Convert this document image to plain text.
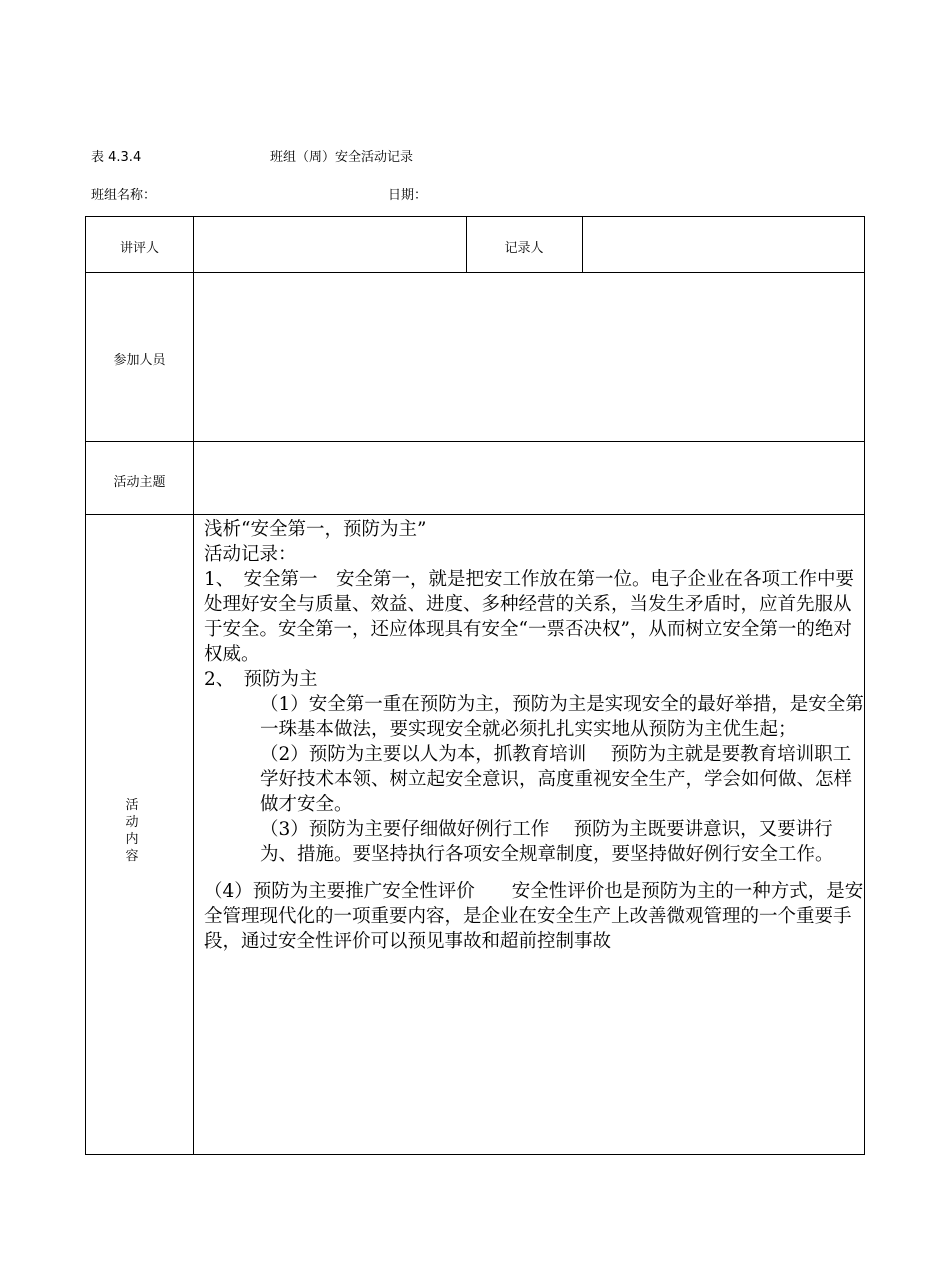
表 4.3.4	班组（周）安全活动记录
班组名称：	日期：
讲评人	记录人
参加人员
活动主题
活动内容

浅析“安全第一，预防为主”

活动记录：

1、　安全第一　安全第一，就是把安工作放在第一位。电子企业在各项工作中要处理好安全与质量、效益、进度、多种经营的关系，当发生矛盾时，应首先服从于安全。安全第一，还应体现具有安全“一票否决权”，从而树立安全第一的绝对权威。

2、　预防为主

（1）安全第一重在预防为主，预防为主是实现安全的最好举措，是安全第一珠基本做法，要实现安全就必须扎扎实实地从预防为主优生起；

（2）预防为主要以人为本，抓教育培训　 预防为主就是要教育培训职工学好技术本领、树立起安全意识，高度重视安全生产，学会如何做、怎样做才安全。

（3）预防为主要仔细做好例行工作　 预防为主既要讲意识，又要讲行为、措施。要坚持执行各项安全规章制度，要坚持做好例行安全工作。

（4）预防为主要推广安全性评价　　安全性评价也是预防为主的一种方式，是安全管理现代化的一项重要内容，是企业在安全生产上改善微观管理的一个重要手段，通过安全性评价可以预见事故和超前控制事故
